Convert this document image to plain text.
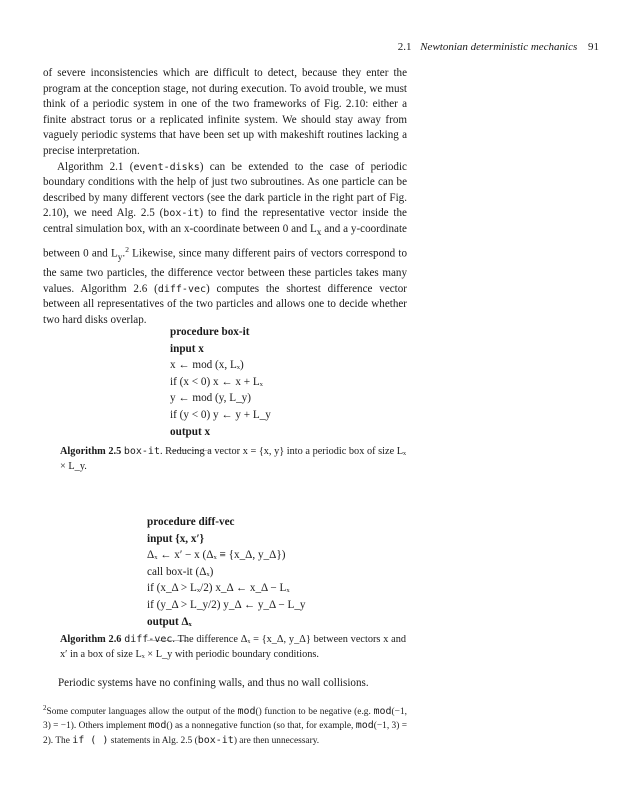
2.1 Newtonian deterministic mechanics 91

of severe inconsistencies which are difficult to detect, because they enter the program at the conception stage, not during execution. To avoid trouble, we must think of a periodic system in one of the two frameworks of Fig. 2.10: either a finite abstract torus or a replicated infinite system. We should stay away from vaguely periodic systems that have been set up with makeshift routines lacking a precise interpretation.

Algorithm 2.1 (event-disks) can be extended to the case of periodic boundary conditions with the help of just two subroutines. As one particle can be described by many different vectors (see the dark particle in the right part of Fig. 2.10), we need Alg. 2.5 (box-it) to find the representative vector inside the central simulation box, with an x-coordinate between 0 and $L_x$ and a y-coordinate between 0 and $L_y.^2$ Likewise, since many different pairs of vectors correspond to the same two particles, the difference vector between these particles takes many values. Algorithm 2.6 (diff-vec) computes the shortest difference vector between all representatives of the two particles and allows one to decide whether two hard disks overlap.

procedure box-it
input x
x ← mod (x, Lₓ)
if (x < 0) x ← x + Lₓ
y ← mod (y, L_y)
if (y < 0) y ← y + L_y
output x
Algorithm 2.5 box-it. Reducing a vector x = {x, y} into a periodic box of size Lₓ × L_y.
procedure diff-vec
input {x, x′}
Δₓ ← x′ − x (Δₓ ≡ {x_Δ, y_Δ})
call box-it (Δₓ)
if (x_Δ > Lₓ/2) x_Δ ← x_Δ − Lₓ
if (y_Δ > L_y/2) y_Δ ← y_Δ − L_y
output Δₓ
Algorithm 2.6 diff-vec. The difference Δₓ = {x_Δ, y_Δ} between vectors x and x′ in a box of size Lₓ × L_y with periodic boundary conditions.
Periodic systems have no confining walls, and thus no wall collisions.
$^2$Some computer languages allow the output of the mod() function to be negative (e.g. mod(−1, 3) = −1). Others implement mod() as a nonnegative function (so that, for example, mod(−1, 3) = 2). The if ( ) statements in Alg. 2.5 (box-it) are then unnecessary.
